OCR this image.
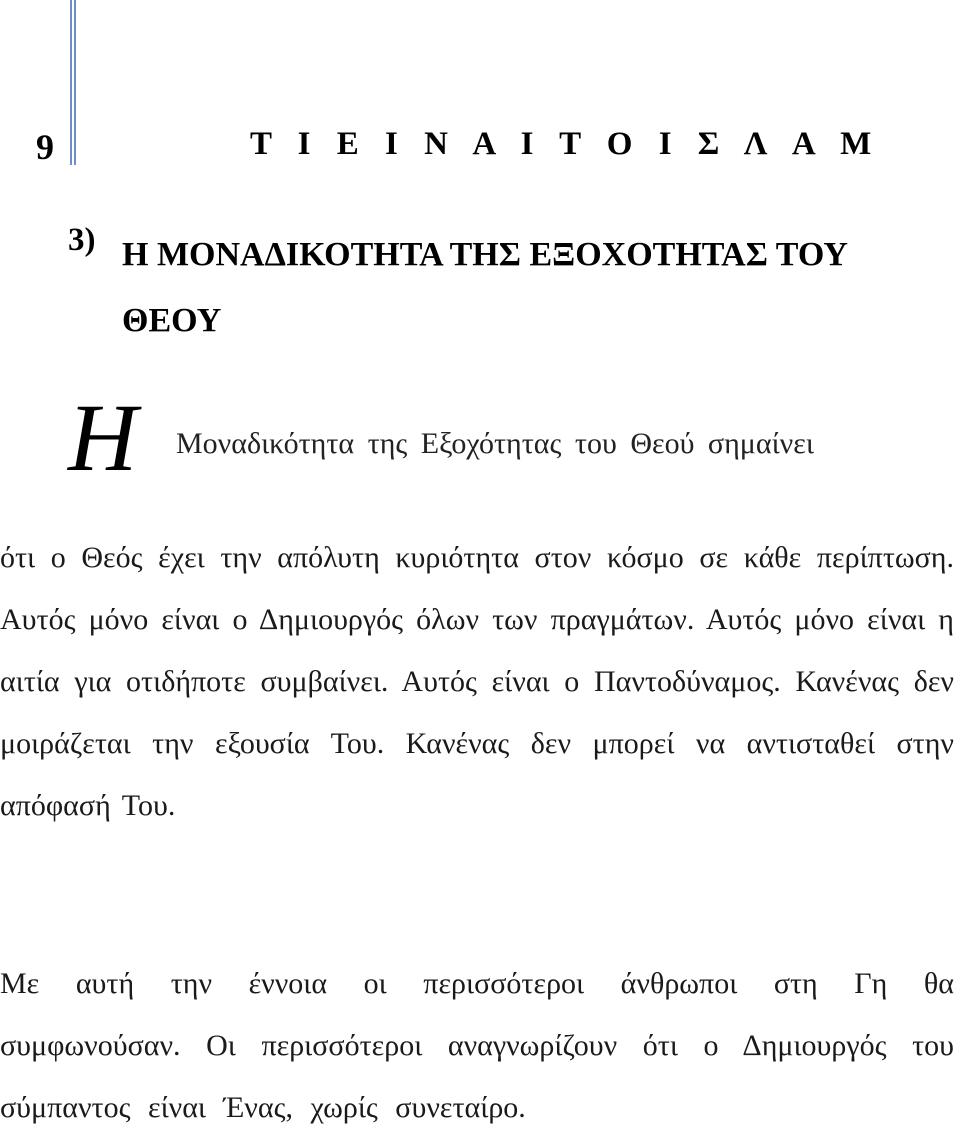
9	Τ Ι Ε Ι Ν Α Ι Τ Ο Ι Σ Λ Α Μ
3) Η ΜΟΝΑΔΙΚΟΤΗΤΑ ΤΗΣ ΕΞΟΧΟΤΗΤΑΣ ΤΟΥ ΘΕΟΥ
Η Μοναδικότητα της Εξοχότητας του Θεού σημαίνει
ότι ο Θεός έχει την απόλυτη κυριότητα στον κόσμο σε κάθε περίπτωση. Αυτός μόνο είναι ο Δημιουργός όλων των πραγμάτων. Αυτός μόνο είναι η αιτία για οτιδήποτε συμβαίνει. Αυτός είναι ο Παντοδύναμος. Κανένας δεν μοιράζεται την εξουσία Του. Κανένας δεν μπορεί να αντισταθεί στην απόφασή Του.
Με αυτή την έννοια οι περισσότεροι άνθρωποι στη Γη θα συμφωνούσαν. Οι περισσότεροι αναγνωρίζουν ότι ο Δημιουργός του σύμπαντος είναι Ένας, χωρίς συνεταίρο.
